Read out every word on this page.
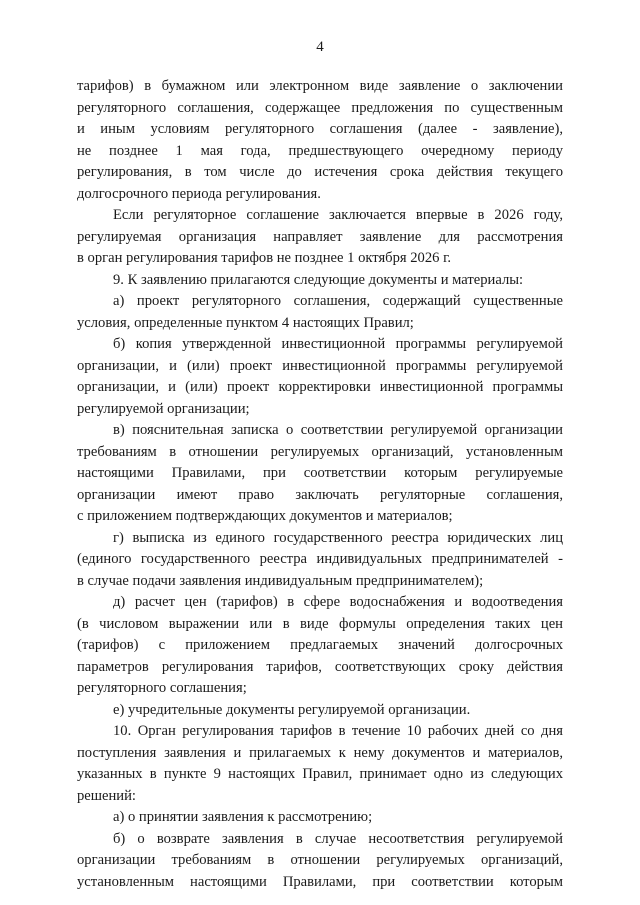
4
тарифов) в бумажном или электронном виде заявление о заключении
регуляторного соглашения, содержащее предложения по существенным
и иным условиям регуляторного соглашения (далее - заявление),
не позднее 1 мая года, предшествующего очередному периоду
регулирования, в том числе до истечения срока действия текущего
долгосрочного периода регулирования.
Если регуляторное соглашение заключается впервые в 2026 году,
регулируемая организация направляет заявление для рассмотрения
в орган регулирования тарифов не позднее 1 октября 2026 г.
9. К заявлению прилагаются следующие документы и материалы:
а) проект регуляторного соглашения, содержащий существенные
условия, определенные пунктом 4 настоящих Правил;
б) копия утвержденной инвестиционной программы регулируемой
организации, и (или) проект инвестиционной программы регулируемой
организации, и (или) проект корректировки инвестиционной программы
регулируемой организации;
в) пояснительная записка о соответствии регулируемой организации
требованиям в отношении регулируемых организаций, установленным
настоящими Правилами, при соответствии которым регулируемые
организации имеют право заключать регуляторные соглашения,
с приложением подтверждающих документов и материалов;
г) выписка из единого государственного реестра юридических лиц
(единого государственного реестра индивидуальных предпринимателей -
в случае подачи заявления индивидуальным предпринимателем);
д) расчет цен (тарифов) в сфере водоснабжения и водоотведения
(в числовом выражении или в виде формулы определения таких цен
(тарифов) с приложением предлагаемых значений долгосрочных
параметров регулирования тарифов, соответствующих сроку действия
регуляторного соглашения;
е) учредительные документы регулируемой организации.
10. Орган регулирования тарифов в течение 10 рабочих дней со дня
поступления заявления и прилагаемых к нему документов и материалов,
указанных в пункте 9 настоящих Правил, принимает одно из следующих
решений:
а) о принятии заявления к рассмотрению;
б) о возврате заявления в случае несоответствия регулируемой
организации требованиям в отношении регулируемых организаций,
установленным настоящими Правилами, при соответствии которым
